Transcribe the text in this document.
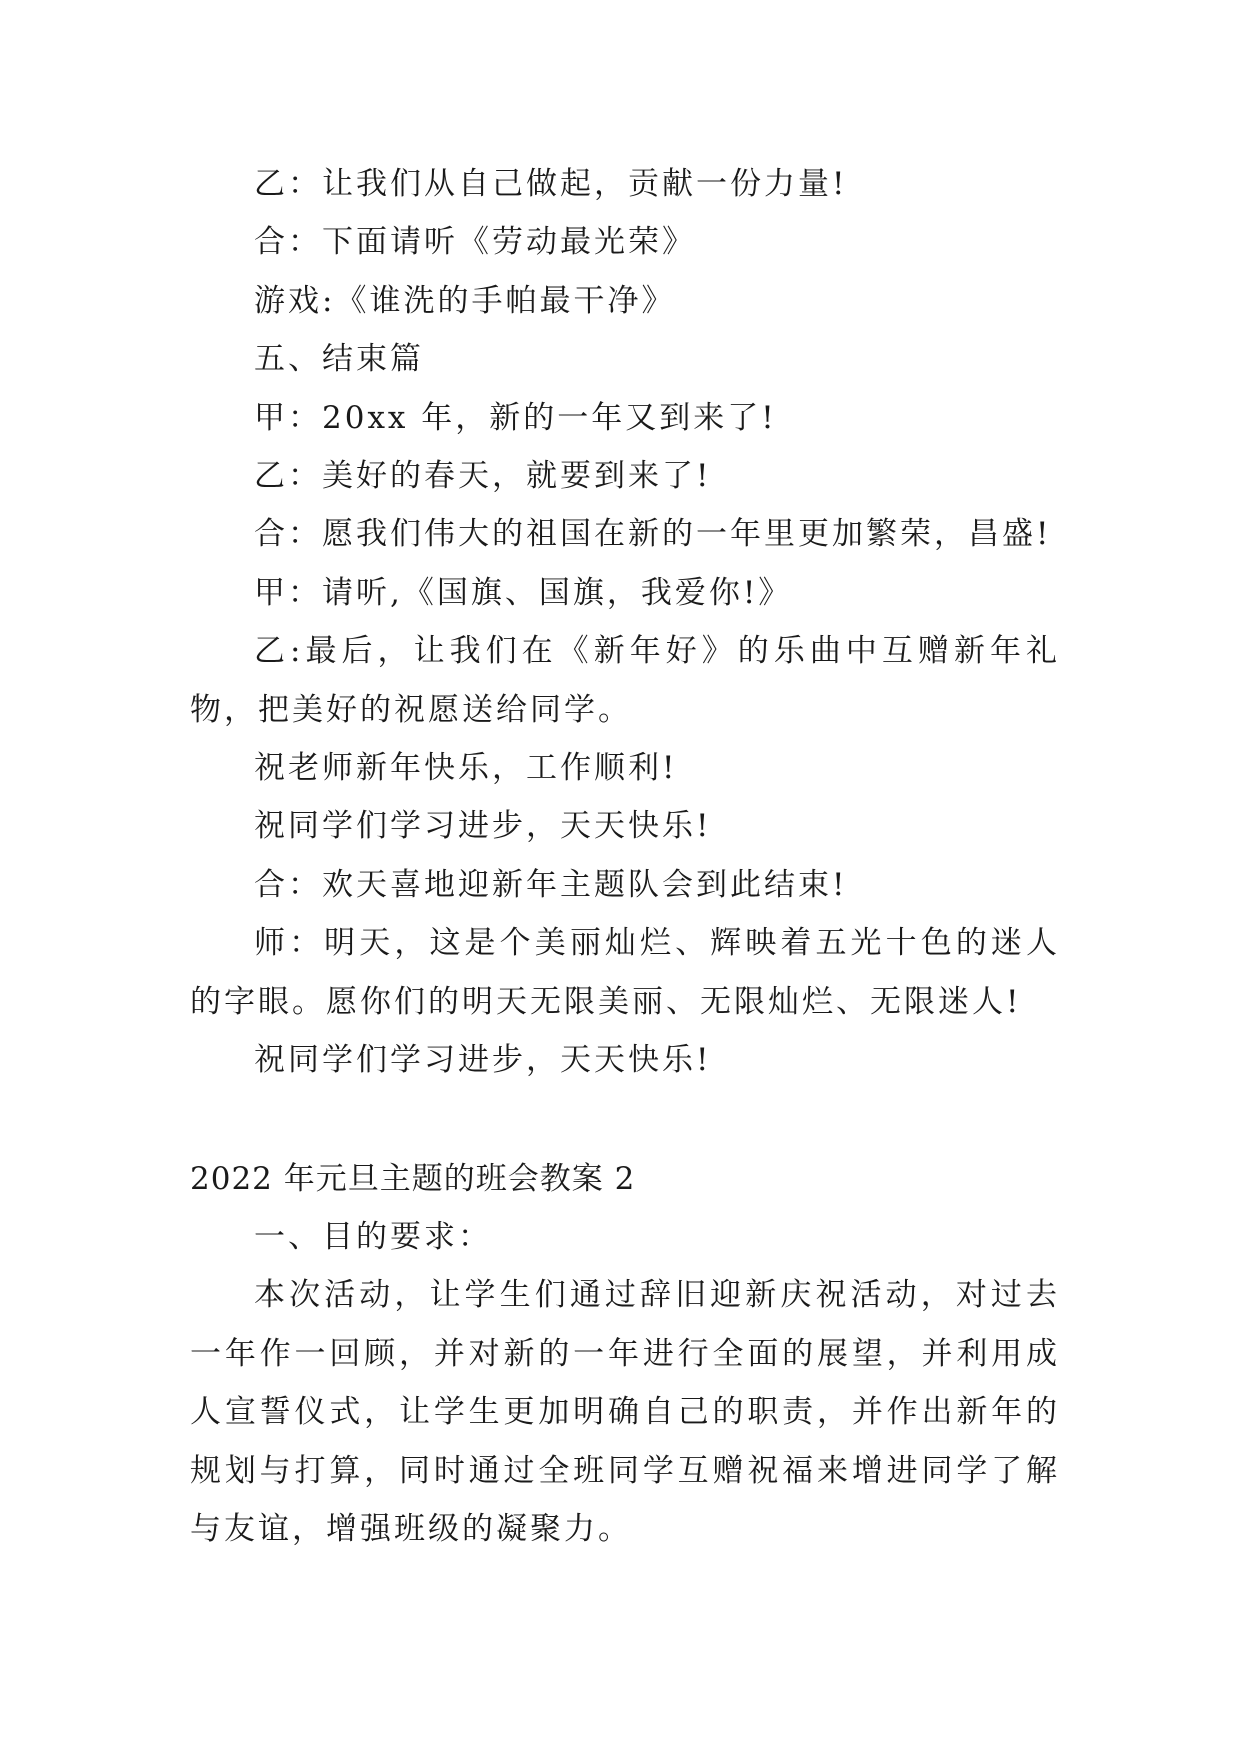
乙：让我们从自己做起，贡献一份力量!

合：下面请听《劳动最光荣》

游戏:《谁洗的手帕最干净》

五、结束篇

甲：20xx 年，新的一年又到来了!

乙：美好的春天，就要到来了!

合：愿我们伟大的祖国在新的一年里更加繁荣，昌盛!

甲：请听,《国旗、国旗，我爱你!》

乙:最后，让我们在《新年好》的乐曲中互赠新年礼物，把美好的祝愿送给同学。

祝老师新年快乐，工作顺利!

祝同学们学习进步，天天快乐!

合：欢天喜地迎新年主题队会到此结束!

师：明天，这是个美丽灿烂、辉映着五光十色的迷人的字眼。愿你们的明天无限美丽、无限灿烂、无限迷人!

祝同学们学习进步，天天快乐!

2022 年元旦主题的班会教案 2

一、目的要求：

本次活动，让学生们通过辞旧迎新庆祝活动，对过去一年作一回顾，并对新的一年进行全面的展望，并利用成人宣誓仪式，让学生更加明确自己的职责，并作出新年的规划与打算，同时通过全班同学互赠祝福来增进同学了解与友谊，增强班级的凝聚力。
